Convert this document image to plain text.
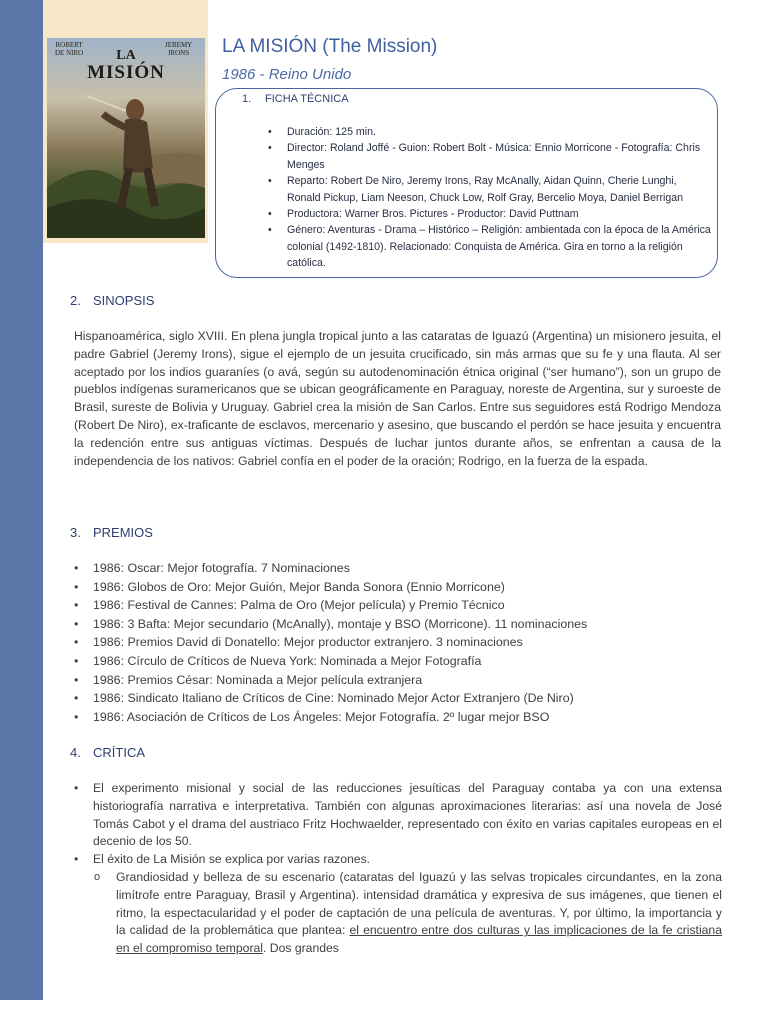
ROBERT
DE NIRO
JEREMY
IRONS
LA
MISIÓN
LA MISIÓN (The Mission)
1986 - Reino Unido
1. FICHA TÉCNICA
• Duración: 125 min.
• Director: Roland Joffé - Guion: Robert Bolt - Música: Ennio Morricone - Fotografía: Chris Menges
• Reparto: Robert De Niro, Jeremy Irons, Ray McAnally, Aidan Quinn, Cherie Lunghi, Ronald Pickup, Liam Neeson, Chuck Low, Rolf Gray, Bercelio Moya, Daniel Berrigan
• Productora: Warner Bros. Pictures - Productor: David Puttnam
• Género: Aventuras - Drama – Histórico – Religión: ambientada con la época de la América colonial (1492-1810). Relacionado: Conquista de América. Gira en torno a la religión católica.
2. SINOPSIS

Hispanoamérica, siglo XVIII. En plena jungla tropical junto a las cataratas de Iguazú (Argentina) un misionero jesuita, el padre Gabriel (Jeremy Irons), sigue el ejemplo de un jesuita crucificado, sin más armas que su fe y una flauta. Al ser aceptado por los indios guaraníes (o avá, según su autodenominación étnica original (“ser humano”), son un grupo de pueblos indígenas suramericanos que se ubican geográficamente en Paraguay, noreste de Argentina, sur y suroeste de Brasil, sureste de Bolivia y Uruguay. Gabriel crea la misión de San Carlos. Entre sus seguidores está Rodrigo Mendoza (Robert De Niro), ex-traficante de esclavos, mercenario y asesino, que buscando el perdón se hace jesuita y encuentra la redención entre sus antiguas víctimas. Después de luchar juntos durante años, se enfrentan a causa de la independencia de los nativos: Gabriel confía en el poder de la oración; Rodrigo, en la fuerza de la espada.

3. PREMIOS
• 1986: Oscar: Mejor fotografía. 7 Nominaciones
• 1986: Globos de Oro: Mejor Guión, Mejor Banda Sonora (Ennio Morricone)
• 1986: Festival de Cannes: Palma de Oro (Mejor película) y Premio Técnico
• 1986: 3 Bafta: Mejor secundario (McAnally), montaje y BSO (Morricone). 11 nominaciones
• 1986: Premios David di Donatello: Mejor productor extranjero. 3 nominaciones
• 1986: Círculo de Críticos de Nueva York: Nominada a Mejor Fotografía
• 1986: Premios César: Nominada a Mejor película extranjera
• 1986: Sindicato Italiano de Críticos de Cine: Nominado Mejor Actor Extranjero (De Niro)
• 1986: Asociación de Críticos de Los Ángeles: Mejor Fotografía. 2º lugar mejor BSO
4. CRÍTICA
• El experimento misional y social de las reducciones jesuíticas del Paraguay contaba ya con una extensa historiografía narrativa e interpretativa. También con algunas aproximaciones literarias: así una novela de José Tomás Cabot y el drama del austriaco Fritz Hochwaelder, representado con éxito en varias capitales europeas en el decenio de los 50.
• El éxito de La Misión se explica por varias razones.
o Grandiosidad y belleza de su escenario (cataratas del Iguazú y las selvas tropicales circundantes, en la zona limítrofe entre Paraguay, Brasil y Argentina). intensidad dramática y expresiva de sus imágenes, que tienen el ritmo, la espectacularidad y el poder de captación de una película de aventuras. Y, por último, la importancia y la calidad de la problemática que plantea: el encuentro entre dos culturas y las implicaciones de la fe cristiana en el compromiso temporal. Dos grandes
